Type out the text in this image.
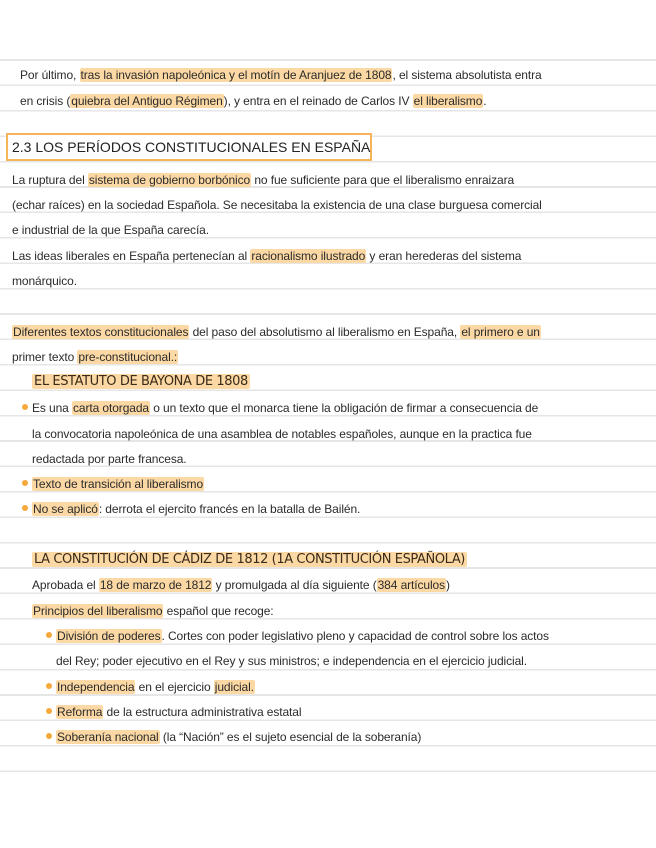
Por último, tras la invasión napoleónica y el motín de Aranjuez de 1808, el sistema absolutista entra
en crisis (quiebra del Antiguo Régimen), y entra en el reinado de Carlos IV el liberalismo.
2.3 LOS PERÍODOS CONSTITUCIONALES EN ESPAÑA
La ruptura del sistema de gobierno borbónico no fue suficiente para que el liberalismo enraizara
(echar raíces) en la sociedad Española. Se necesitaba la existencia de una clase burguesa comercial
e industrial de la que España carecía.
Las ideas liberales en España pertenecían al racionalismo ilustrado y eran herederas del sistema
monárquico.
Diferentes textos constitucionales del paso del absolutismo al liberalismo en España, el primero e un
primer texto pre-constitucional.:
EL ESTATUTO DE BAYONA DE 1808
Es una carta otorgada o un texto que el monarca tiene la obligación de firmar a consecuencia de
la convocatoria napoleónica de una asamblea de notables españoles, aunque en la practica fue
redactada por parte francesa.
Texto de transición al liberalismo
No se aplicó: derrota el ejercito francés en la batalla de Bailén.
LA CONSTITUCIÓN DE CÁDIZ DE 1812 (1A CONSTITUCIÓN ESPAÑOLA)
Aprobada el 18 de marzo de 1812 y promulgada al día siguiente (384 artículos)
Principios del liberalismo español que recoge:
División de poderes. Cortes con poder legislativo pleno y capacidad de control sobre los actos
del Rey; poder ejecutivo en el Rey y sus ministros; e independencia en el ejercicio judicial.
Independencia en el ejercicio judicial.
Reforma de la estructura administrativa estatal
Soberanía nacional (la “Nación” es el sujeto esencial de la soberanía)
